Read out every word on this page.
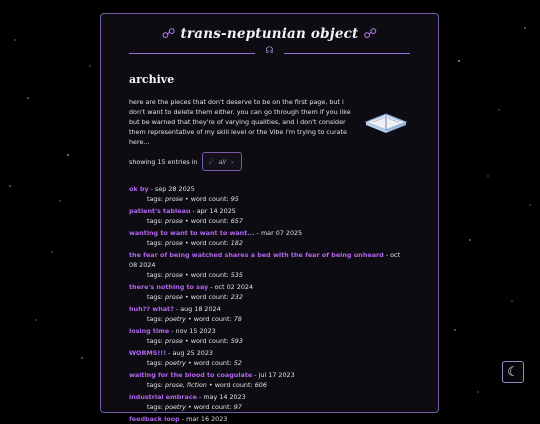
☍ trans-neptunian object ☍
☊
archive

here are the pieces that don't deserve to be on the first page, but i don't want to delete them either. you can go through them if you like but be warned that they're of varying qualities, and i don't consider them representative of my skill level or the Vibe i'm trying to curate here...

showing 15 entries in ☄ all ⌄
ok by - sep 28 2025
tags: prose • word count: 95
patient's tableau - apr 14 2025
tags: prose • word count: 657
wanting to want to want to want... - mar 07 2025
tags: prose • word count: 182
the fear of being watched shares a bed with the fear of being unheard - oct 08 2024
tags: prose • word count: 535
there's nothing to say - oct 02 2024
tags: prose • word count: 232
huh?? what? - aug 18 2024
tags: poetry • word count: 78
losing time - nov 15 2023
tags: prose • word count: 593
WORMS!!! - aug 25 2023
tags: poetry • word count: 52
waiting for the blood to coagulate - jul 17 2023
tags: prose, fiction • word count: 606
industrial embrace - may 14 2023
tags: poetry • word count: 97
feedback loop - mar 16 2023
☾
